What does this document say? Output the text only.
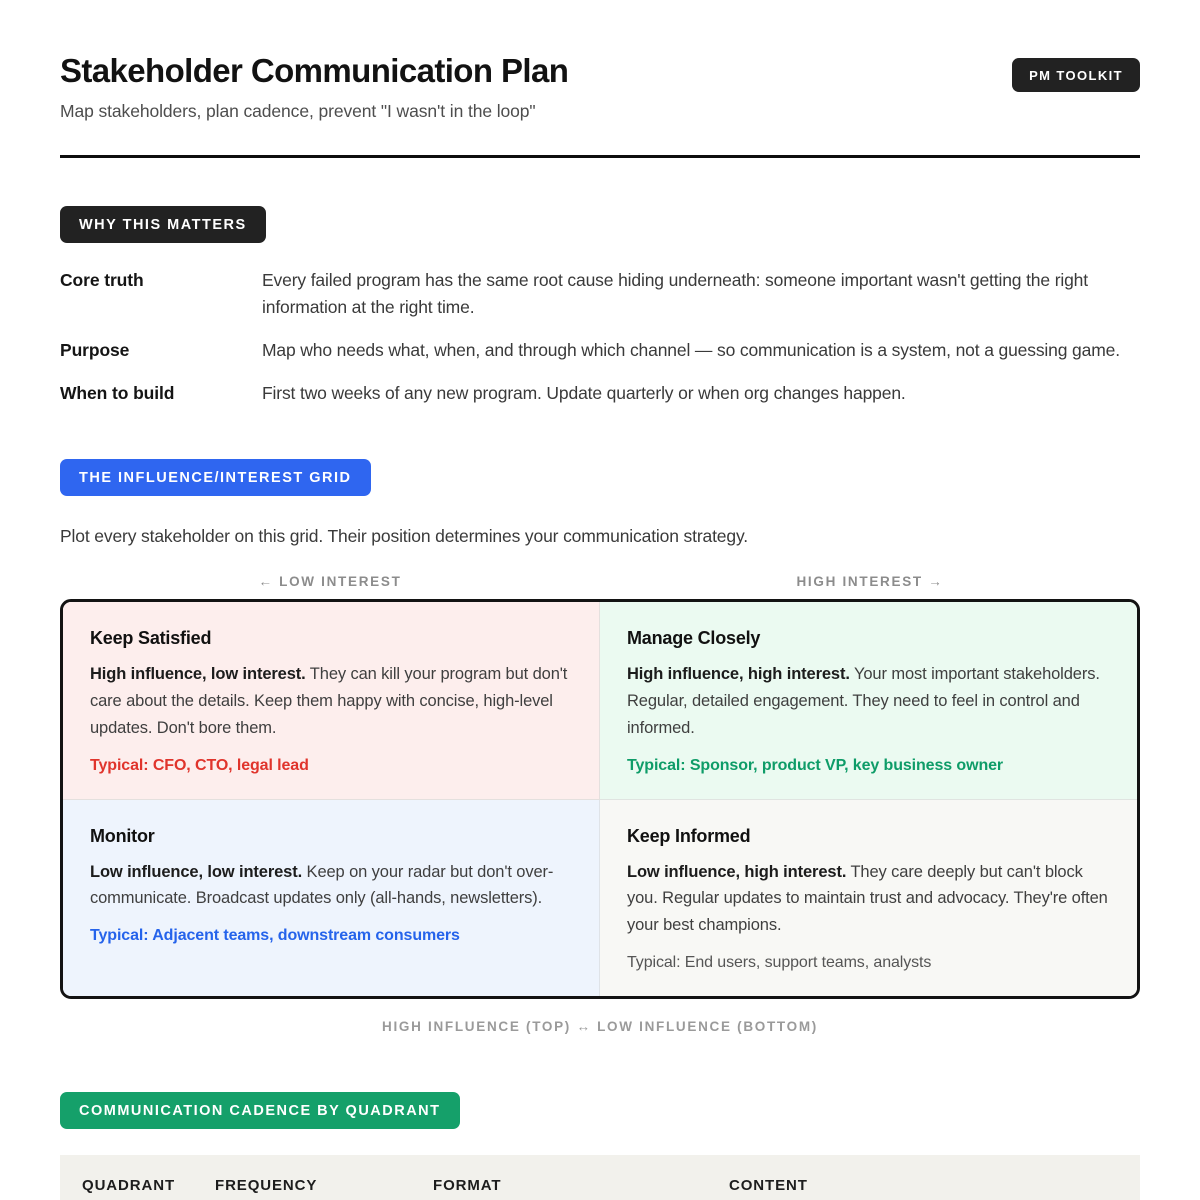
Stakeholder Communication Plan
Map stakeholders, plan cadence, prevent "I wasn't in the loop"
PM TOOLKIT
WHY THIS MATTERS
Core truth	Every failed program has the same root cause hiding underneath: someone important wasn't getting the right information at the right time.
Purpose	Map who needs what, when, and through which channel — so communication is a system, not a guessing game.
When to build	First two weeks of any new program. Update quarterly or when org changes happen.
THE INFLUENCE/INTEREST GRID
Plot every stakeholder on this grid. Their position determines your communication strategy.
← LOW INTEREST	HIGH INTEREST →
Keep Satisfied
High influence, low interest. They can kill your program but don't care about the details. Keep them happy with concise, high-level updates. Don't bore them.
Typical: CFO, CTO, legal lead
Manage Closely
High influence, high interest. Your most important stakeholders. Regular, detailed engagement. They need to feel in control and informed.
Typical: Sponsor, product VP, key business owner
Monitor
Low influence, low interest. Keep on your radar but don't over-communicate. Broadcast updates only (all-hands, newsletters).
Typical: Adjacent teams, downstream consumers
Keep Informed
Low influence, high interest. They care deeply but can't block you. Regular updates to maintain trust and advocacy. They're often your best champions.
Typical: End users, support teams, analysts
HIGH INFLUENCE (TOP) ↔ LOW INFLUENCE (BOTTOM)
COMMUNICATION CADENCE BY QUADRANT
QUADRANT	FREQUENCY	FORMAT	CONTENT
